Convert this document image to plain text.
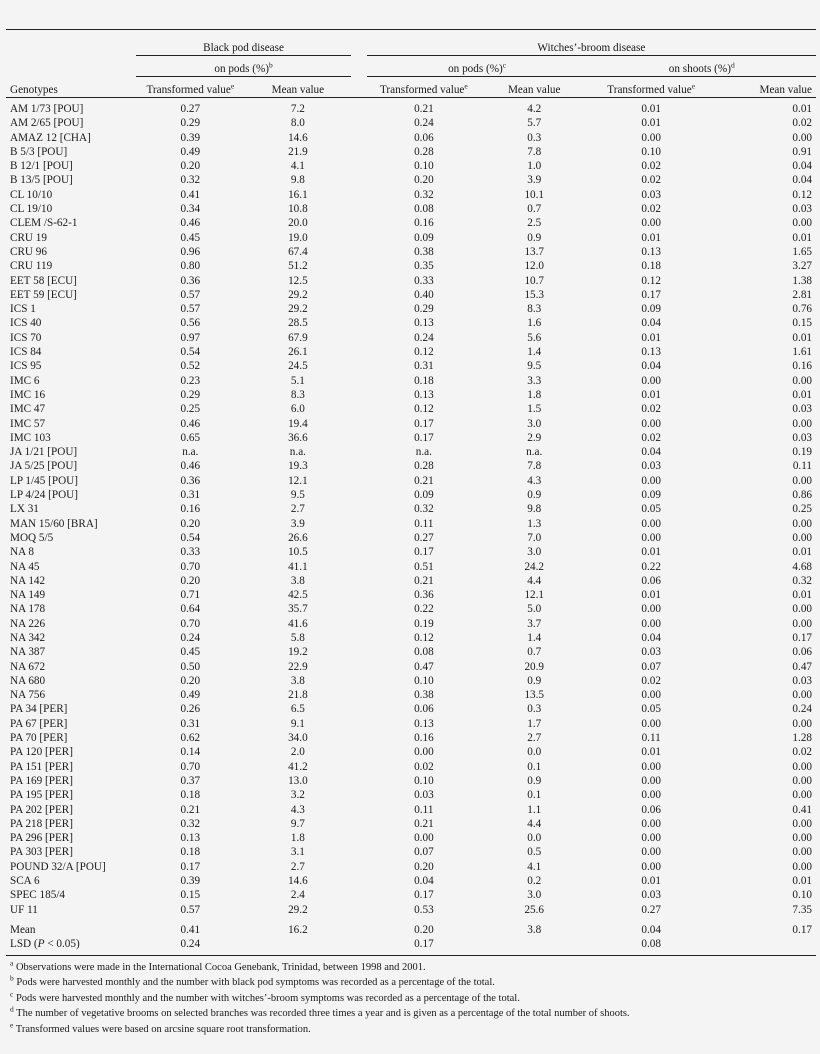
	Black pod disease			Witches’-broom disease			
	on pods (%)$^b$			on pods (%)$^c$		on shoots (%)$^d$
Genotypes	Transformed value$^e$	Mean value		Transformed value$^e$	Mean value	Transformed value$^e$	Mean value
AM 1/73 [POU]	0.27	7.2		0.21	4.2	0.01	0.01
AM 2/65 [POU]	0.29	8.0		0.24	5.7	0.01	0.02
AMAZ 12 [CHA]	0.39	14.6		0.06	0.3	0.00	0.00
B 5/3 [POU]	0.49	21.9		0.28	7.8	0.10	0.91
B 12/1 [POU]	0.20	4.1		0.10	1.0	0.02	0.04
B 13/5 [POU]	0.32	9.8		0.20	3.9	0.02	0.04
CL 10/10	0.41	16.1		0.32	10.1	0.03	0.12
CL 19/10	0.34	10.8		0.08	0.7	0.02	0.03
CLEM /S-62-1	0.46	20.0		0.16	2.5	0.00	0.00
CRU 19	0.45	19.0		0.09	0.9	0.01	0.01
CRU 96	0.96	67.4		0.38	13.7	0.13	1.65
CRU 119	0.80	51.2		0.35	12.0	0.18	3.27
EET 58 [ECU]	0.36	12.5		0.33	10.7	0.12	1.38
EET 59 [ECU]	0.57	29.2		0.40	15.3	0.17	2.81
ICS 1	0.57	29.2		0.29	8.3	0.09	0.76
ICS 40	0.56	28.5		0.13	1.6	0.04	0.15
ICS 70	0.97	67.9		0.24	5.6	0.01	0.01
ICS 84	0.54	26.1		0.12	1.4	0.13	1.61
ICS 95	0.52	24.5		0.31	9.5	0.04	0.16
IMC 6	0.23	5.1		0.18	3.3	0.00	0.00
IMC 16	0.29	8.3		0.13	1.8	0.01	0.01
IMC 47	0.25	6.0		0.12	1.5	0.02	0.03
IMC 57	0.46	19.4		0.17	3.0	0.00	0.00
IMC 103	0.65	36.6		0.17	2.9	0.02	0.03
JA 1/21 [POU]	n.a.	n.a.		n.a.	n.a.	0.04	0.19
JA 5/25 [POU]	0.46	19.3		0.28	7.8	0.03	0.11
LP 1/45 [POU]	0.36	12.1		0.21	4.3	0.00	0.00
LP 4/24 [POU]	0.31	9.5		0.09	0.9	0.09	0.86
LX 31	0.16	2.7		0.32	9.8	0.05	0.25
MAN 15/60 [BRA]	0.20	3.9		0.11	1.3	0.00	0.00
MOQ 5/5	0.54	26.6		0.27	7.0	0.00	0.00
NA 8	0.33	10.5		0.17	3.0	0.01	0.01
NA 45	0.70	41.1		0.51	24.2	0.22	4.68
NA 142	0.20	3.8		0.21	4.4	0.06	0.32
NA 149	0.71	42.5		0.36	12.1	0.01	0.01
NA 178	0.64	35.7		0.22	5.0	0.00	0.00
NA 226	0.70	41.6		0.19	3.7	0.00	0.00
NA 342	0.24	5.8		0.12	1.4	0.04	0.17
NA 387	0.45	19.2		0.08	0.7	0.03	0.06
NA 672	0.50	22.9		0.47	20.9	0.07	0.47
NA 680	0.20	3.8		0.10	0.9	0.02	0.03
NA 756	0.49	21.8		0.38	13.5	0.00	0.00
PA 34 [PER]	0.26	6.5		0.06	0.3	0.05	0.24
PA 67 [PER]	0.31	9.1		0.13	1.7	0.00	0.00
PA 70 [PER]	0.62	34.0		0.16	2.7	0.11	1.28
PA 120 [PER]	0.14	2.0		0.00	0.0	0.01	0.02
PA 151 [PER]	0.70	41.2		0.02	0.1	0.00	0.00
PA 169 [PER]	0.37	13.0		0.10	0.9	0.00	0.00
PA 195 [PER]	0.18	3.2		0.03	0.1	0.00	0.00
PA 202 [PER]	0.21	4.3		0.11	1.1	0.06	0.41
PA 218 [PER]	0.32	9.7		0.21	4.4	0.00	0.00
PA 296 [PER]	0.13	1.8		0.00	0.0	0.00	0.00
PA 303 [PER]	0.18	3.1		0.07	0.5	0.00	0.00
POUND 32/A [POU]	0.17	2.7		0.20	4.1	0.00	0.00
SCA 6	0.39	14.6		0.04	0.2	0.01	0.01
SPEC 185/4	0.15	2.4		0.17	3.0	0.03	0.10
UF 11	0.57	29.2		0.53	25.6	0.27	7.35
Mean	0.41	16.2		0.20	3.8	0.04	0.17
LSD (P < 0.05)	0.24			0.17		0.08	
$^a$ Observations were made in the International Cocoa Genebank, Trinidad, between 1998 and 2001.
$^b$ Pods were harvested monthly and the number with black pod symptoms was recorded as a percentage of the total.
$^c$ Pods were harvested monthly and the number with witches’-broom symptoms was recorded as a percentage of the total.
$^d$ The number of vegetative brooms on selected branches was recorded three times a year and is given as a percentage of the total number of shoots.
$^e$ Transformed values were based on arcsine square root transformation.
